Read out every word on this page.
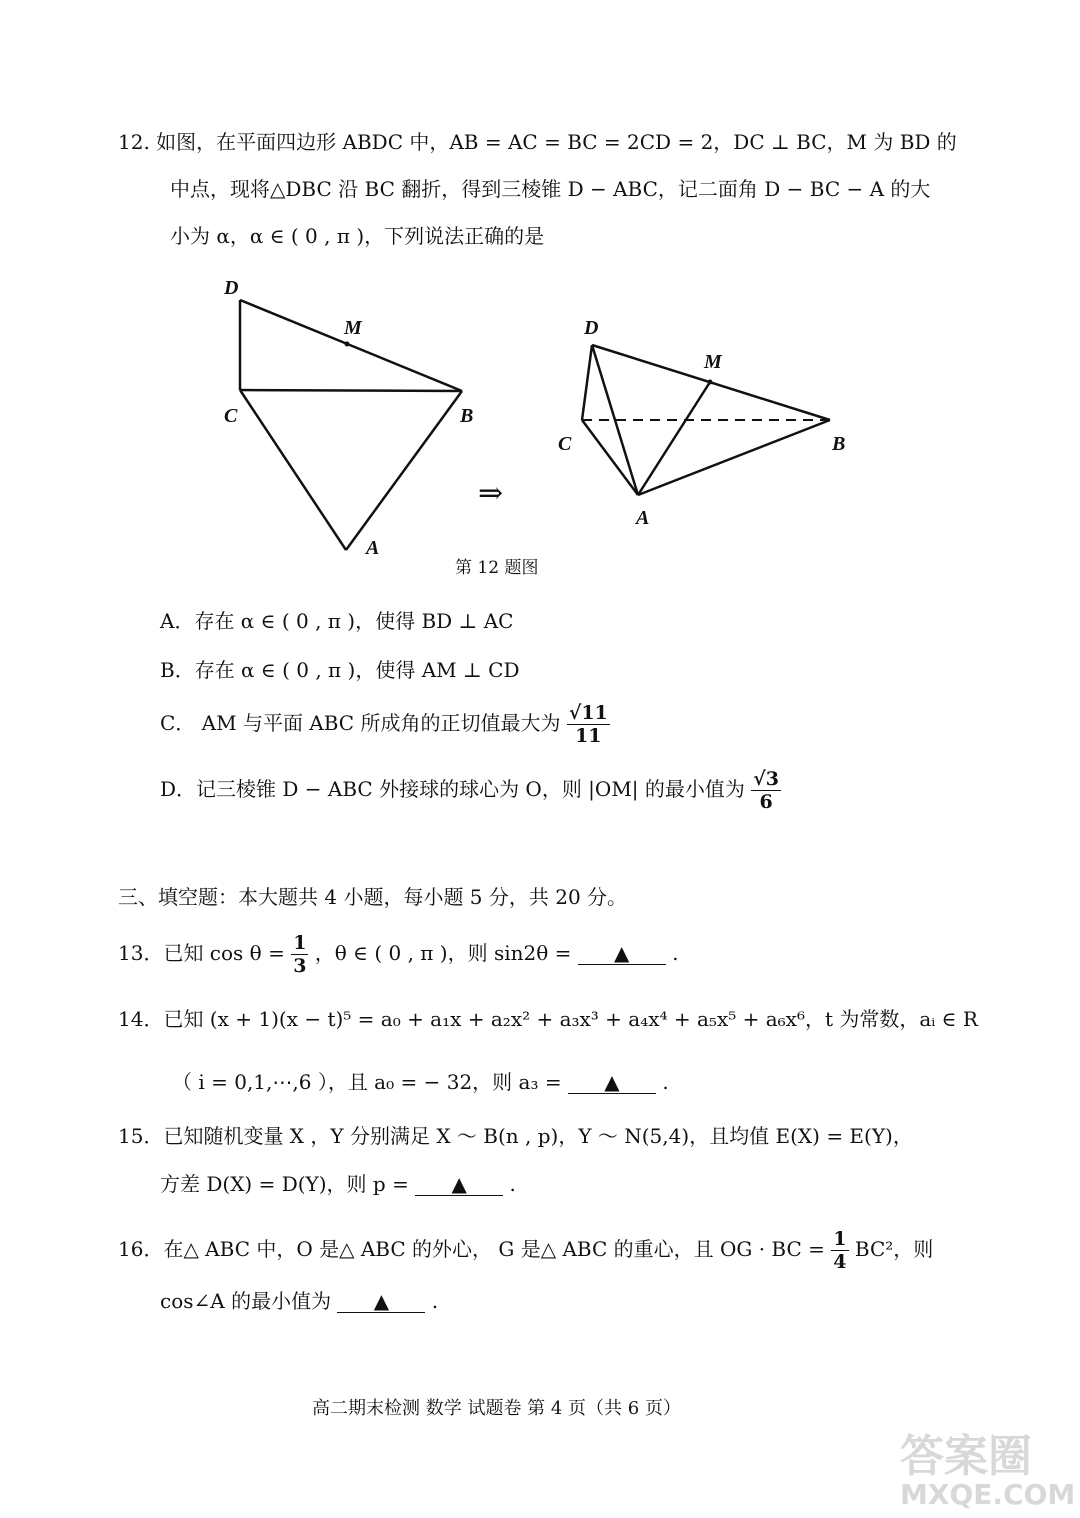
12. 如图，在平面四边形 ABDC 中，AB = AC = BC = 2CD = 2，DC ⊥ BC，M 为 BD 的
中点，现将△DBC 沿 BC 翻折，得到三棱锥 D − ABC，记二面角 D − BC − A 的大
小为 α，α ∈ ( 0 , π )，下列说法正确的是
D
M
C	B
A
⇒
D
M
C	B
A
第 12 题图
A．存在 α ∈ ( 0 , π )，使得 BD ⊥ AC
B．存在 α ∈ ( 0 , π )，使得 AM ⊥ CD
C． AM 与平面 ABC 所成角的正切值最大为 $\frac{√11}{11}$
D．记三棱锥 D − ABC 外接球的球心为 O，则 |OM| 的最小值为 $\frac{√3}{6}$
三、填空题：本大题共 4 小题，每小题 5 分，共 20 分。
13．已知 $\cos \theta = \frac{1}{3}$ ，θ ∈ ( 0 , π )，则 sin2θ = ▲ .
14．已知 (x + 1)(x − t)⁵ = a₀ + a₁x + a₂x² + a₃x³ + a₄x⁴ + a₅x⁵ + a₆x⁶，t 为常数，aᵢ ∈ R
（ i = 0,1,⋯,6 ），且 a₀ = − 32，则 a₃ = ▲ .
15．已知随机变量 X ，Y 分别满足 X ～ B(n , p)，Y ～ N(5,4)，且均值 E(X) = E(Y)，
方差 D(X) = D(Y)，则 p = ▲ .
16．在△ ABC 中，O 是△ ABC 的外心， G 是△ ABC 的重心，且 OG · BC = $\frac{1}{4} BC^2$，则
cos∠A 的最小值为 ▲ .
高二期末检测 数学 试题卷 第 4 页（共 6 页）
答案圈
MXQE.COM
